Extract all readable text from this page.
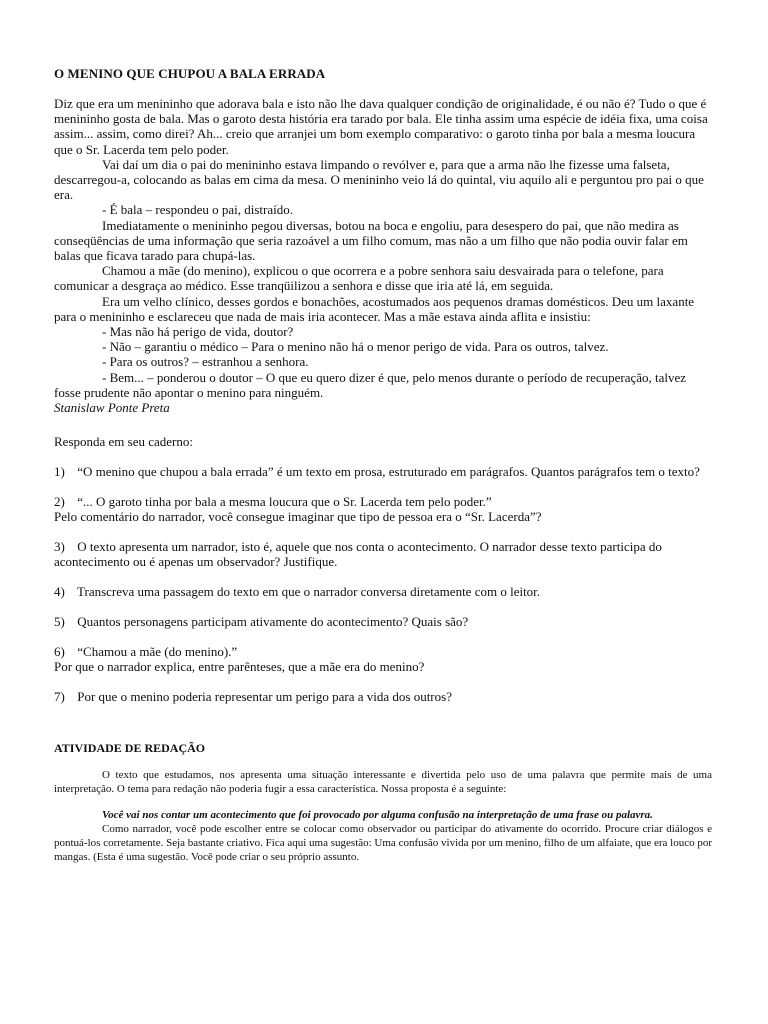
O MENINO QUE CHUPOU A BALA ERRADA

Diz que era um menininho que adorava bala e isto não lhe dava qualquer condição de originalidade, é ou não é? Tudo o que é menininho gosta de bala. Mas o garoto desta história era tarado por bala. Ele tinha assim uma espécie de idéia fixa, uma coisa assim... assim, como direi? Ah... creio que arranjei um bom exemplo comparativo: o garoto tinha por bala a mesma loucura que o Sr. Lacerda tem pelo poder.

Vai daí um dia o pai do menininho estava limpando o revólver e, para que a arma não lhe fizesse uma falseta, descarregou-a, colocando as balas em cima da mesa. O menininho veio lá do quintal, viu aquilo ali e perguntou pro pai o que era.

- É bala – respondeu o pai, distraído.

Imediatamente o menininho pegou diversas, botou na boca e engoliu, para desespero do pai, que não medira as conseqüências de uma informação que seria razoável a um filho comum, mas não a um filho que não podia ouvir falar em balas que ficava tarado para chupá-las.

Chamou a mãe (do menino), explicou o que ocorrera e a pobre senhora saiu desvairada para o telefone, para comunicar a desgraça ao médico. Esse tranqüilizou a senhora e disse que iria até lá, em seguida.

Era um velho clínico, desses gordos e bonachões, acostumados aos pequenos dramas domésticos. Deu um laxante para o menininho e esclareceu que nada de mais iria acontecer. Mas a mãe estava ainda aflita e insistiu:

- Mas não há perigo de vida, doutor?

- Não – garantiu o médico – Para o menino não há o menor perigo de vida. Para os outros, talvez.

- Para os outros? – estranhou a senhora.

- Bem... – ponderou o doutor – O que eu quero dizer é que, pelo menos durante o período de recuperação, talvez fosse prudente não apontar o menino para ninguém.

Stanislaw Ponte Preta

Responda em seu caderno:

1) “O menino que chupou a bala errada” é um texto em prosa, estruturado em parágrafos. Quantos parágrafos tem o texto?

2) “... O garoto tinha por bala a mesma loucura que o Sr. Lacerda tem pelo poder.”

Pelo comentário do narrador, você consegue imaginar que tipo de pessoa era o “Sr. Lacerda”?

3) O texto apresenta um narrador, isto é, aquele que nos conta o acontecimento. O narrador desse texto participa do acontecimento ou é apenas um observador? Justifique.

4) Transcreva uma passagem do texto em que o narrador conversa diretamente com o leitor.

5) Quantos personagens participam ativamente do acontecimento? Quais são?

6) “Chamou a mãe (do menino).”

Por que o narrador explica, entre parênteses, que a mãe era do menino?

7) Por que o menino poderia representar um perigo para a vida dos outros?

ATIVIDADE DE REDAÇÃO

O texto que estudamos, nos apresenta uma situação interessante e divertida pelo uso de uma palavra que permite mais de uma interpretação. O tema para redação não poderia fugir a essa característica. Nossa proposta é a seguinte:

Você vai nos contar um acontecimento que foi provocado por alguma confusão na interpretação de uma frase ou palavra.

Como narrador, você pode escolher entre se colocar como observador ou participar do ativamente do ocorrido. Procure criar diálogos e pontuá-los corretamente. Seja bastante criativo. Fica aqui uma sugestão: Uma confusão vivida por um menino, filho de um alfaiate, que era louco por mangas. (Esta é uma sugestão. Você pode criar o seu próprio assunto.
